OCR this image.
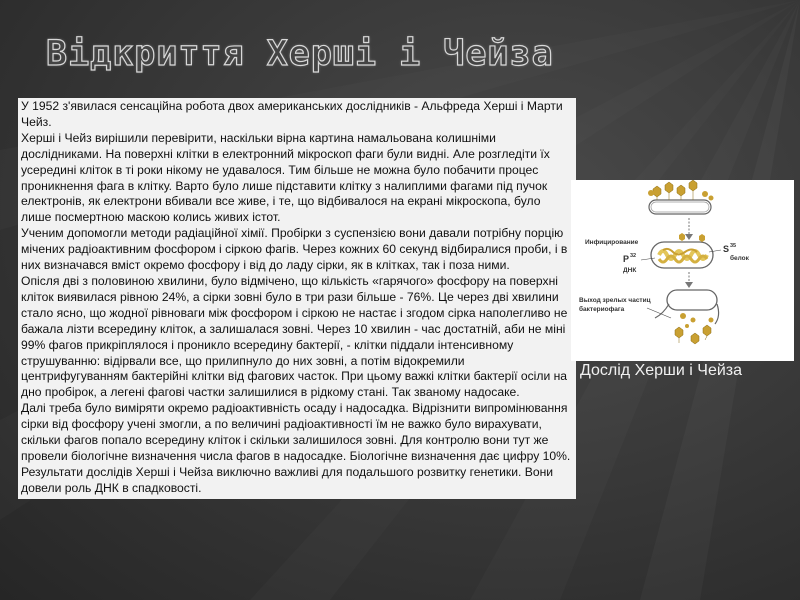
Відкриття Херші і Чейза

У 1952 з'явилася сенсаційна робота двох американських дослідників - Альфреда Херші і Марти Чейз.

Херші і Чейз вирішили перевірити, наскільки вірна картина намальована колишніми дослідниками. На поверхні клітки в електронний мікроскоп фаги були видні. Але розгледіти їх усередині кліток в ті роки нікому не удавалося. Тим більше не можна було побачити процес проникнення фага в клітку. Варто було лише підставити клітку з налиплими фагами під пучок електронів, як електрони вбивали все живе, і те, що відбивалося на екрані мікроскопа, було лише посмертною маскою колись живих істот.

Ученим допомогли методи радіаційної хімії. Пробірки з суспензією вони давали потрібну порцію мічених радіоактивним фосфором і сіркою фагів. Через кожних 60 секунд відбиралися проби, і в них визначався вміст окремо фосфору і від до ладу сірки, як в клітках, так і поза ними.

Опісля дві з половиною хвилини, було відмічено, що кількість «гарячого» фосфору на поверхні кліток виявилася рівною 24%, а сірки зовні було в три рази більше - 76%. Це через дві хвилини стало ясно, що жодної рівноваги між фосфором і сіркою не настає і згодом сірка наполегливо не бажала лізти всередину кліток, а залишалася зовні. Через 10 хвилин - час достатній, аби не міні 99% фагов прикріплялося і проникло всередину бактерії, - клітки піддали інтенсивному струшуванню: відірвали все, що прилипнуло до них зовні, а потім відокремили центрифугуванням бактерійні клітки від фагових часток. При цьому важкі клітки бактерії осіли на дно пробірок, а легені фагові частки залишилися в рідкому стані. Так званому надосаке.

Далі треба було виміряти окремо радіоактивність осаду і надосадка. Відрізнити випромінювання сірки від фосфору учені змогли, а по величині радіоактивності їм не важко було вирахувати, скільки фагов попало всередину кліток і скільки залишилося зовні. Для контролю вони тут же провели біологічне визначення числа фагов в надосадке. Біологічне визначення дає цифру 10%.

Результати дослідів Херші і Чейза виключно важливі для подальшого розвитку генетики. Вони довели роль ДНК в спадковості.

Инфицирование
P 32
ДНК
S 35
белок
Выход зрелых частиц
бактериофага
Дослід Херши і Чейза
